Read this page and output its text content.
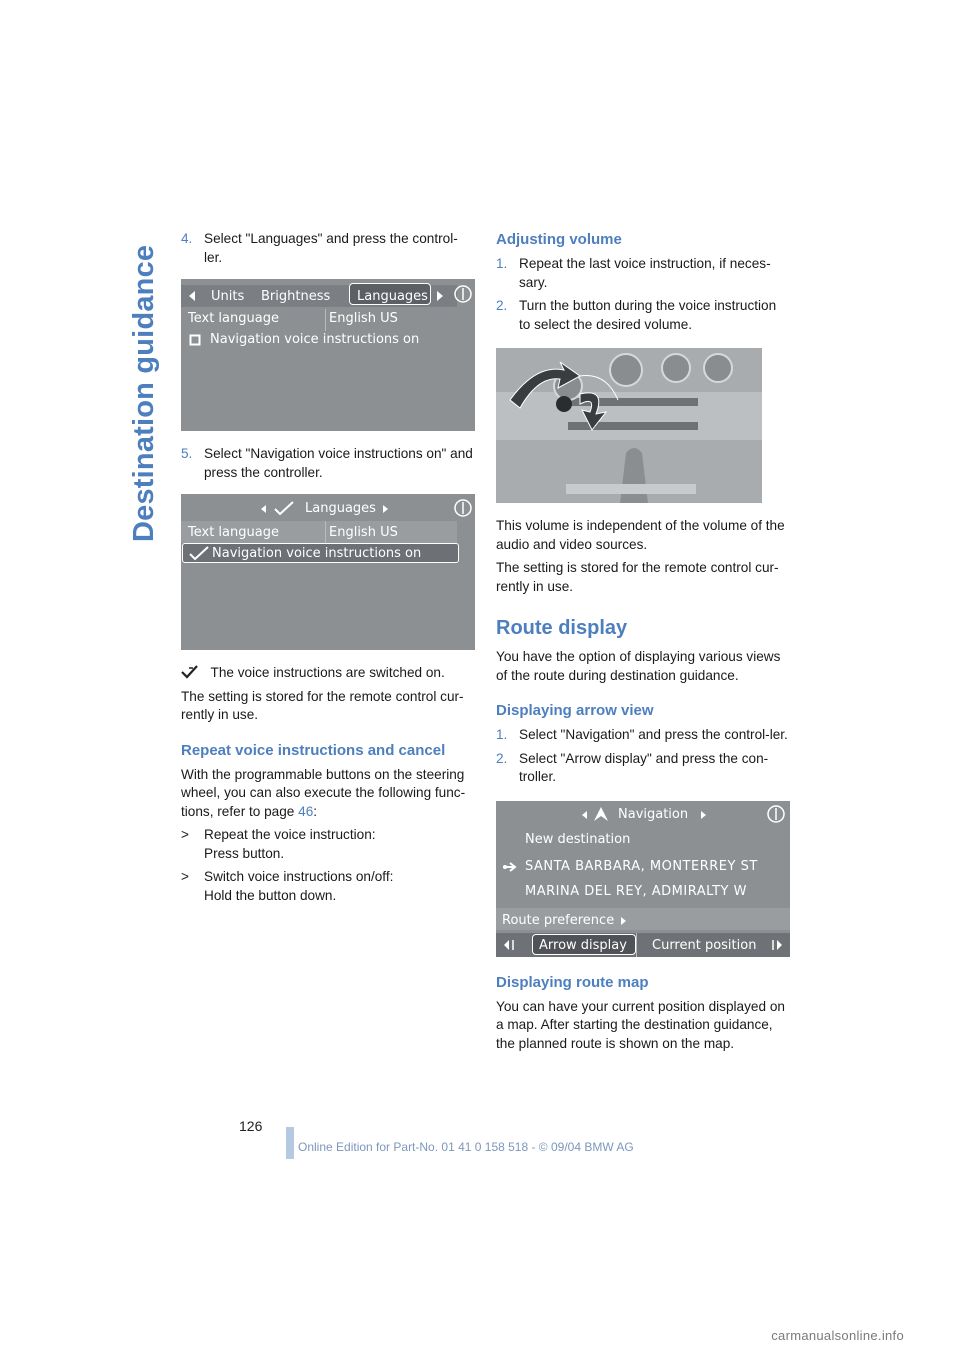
Destination guidance
4. Select "Languages" and press the control-ler.
Units Brightness Languages
Text language	English US
Navigation voice instructions on
5. Select "Navigation voice instructions on" and press the controller.
Languages
Text language	English US
Navigation voice instructions on

The voice instructions are switched on.

The setting is stored for the remote control cur-rently in use.

Repeat voice instructions and cancel

With the programmable buttons on the steering wheel, you can also execute the following func-tions, refer to page 46:

> Repeat the voice instruction:
Press button.
> Switch voice instructions on/off:
Hold the button down.
Adjusting volume
1. Repeat the last voice instruction, if neces-sary.
2. Turn the button during the voice instruction to select the desired volume.

This volume is independent of the volume of the audio and video sources.

The setting is stored for the remote control cur-rently in use.

Route display

You have the option of displaying various views of the route during destination guidance.

Displaying arrow view
1. Select "Navigation" and press the control-ler.
2. Select "Arrow display" and press the con-troller.
Navigation
New destination
SANTA BARBARA, MONTERREY ST
MARINA DEL REY, ADMIRALTY W
Route preference
Arrow display Current position
Displaying route map

You can have your current position displayed on a map. After starting the destination guidance, the planned route is shown on the map.

126
Online Edition for Part-No. 01 41 0 158 518 - © 09/04 BMW AG
carmanualsonline.info
